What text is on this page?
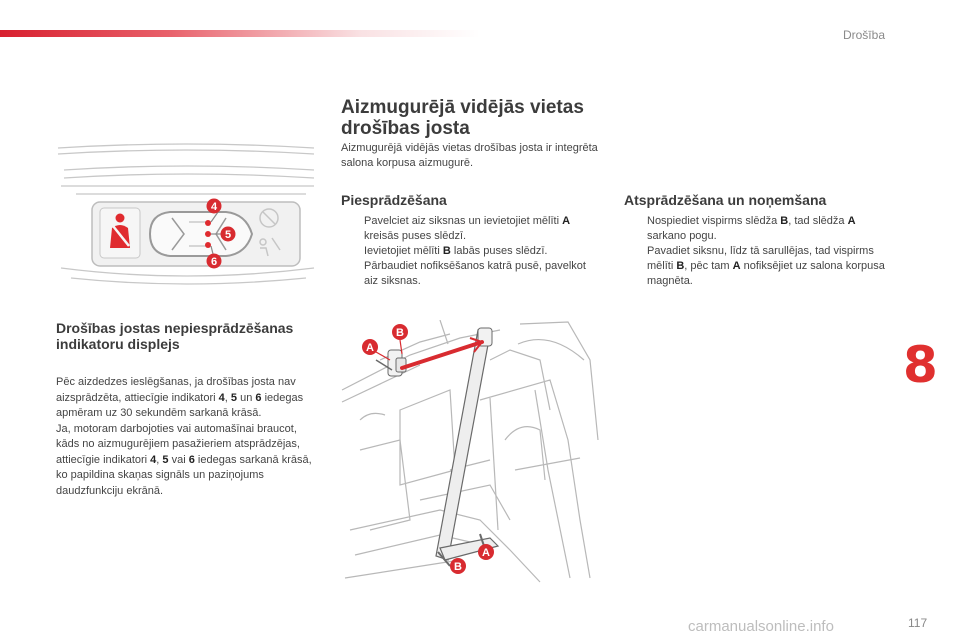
Drošība
Aizmugurējā vidējās vietas drošības josta

Aizmugurējā vidējās vietas drošības josta ir integrēta salona korpusa aizmugurē.

4
5
6
Drošības jostas nepiesprādzēšanas indikatoru displejs

Pēc aizdedzes ieslēgšanas, ja drošības josta nav aizsprādzēta, attiecīgie indikatori 4, 5 un 6 iedegas apmēram uz 30 sekundēm sarkanā krāsā.
Ja, motoram darbojoties vai automašīnai braucot, kāds no aizmugurējiem pasažieriem atsprādzējas, attiecīgie indikatori 4, 5 vai 6 iedegas sarkanā krāsā, ko papildina skaņas signāls un paziņojums daudzfunkciju ekrānā.

Piesprādzēšana
Pavelciet aiz siksnas un ievietojiet mēlīti A kreisās puses slēdzī.
Ievietojiet mēlīti B labās puses slēdzī.
Pārbaudiet nofiksēšanos katrā pusē, pavelkot aiz siksnas.
Atsprādzēšana un noņemšana
Nospiediet vispirms slēdža B, tad slēdža A sarkano pogu.
Pavadiet siksnu, līdz tā sarullējas, tad vispirms mēlīti B, pēc tam A nofiksējiet uz salona korpusa magnēta.
A
B
A
B
8
117
carmanualsonline.info
